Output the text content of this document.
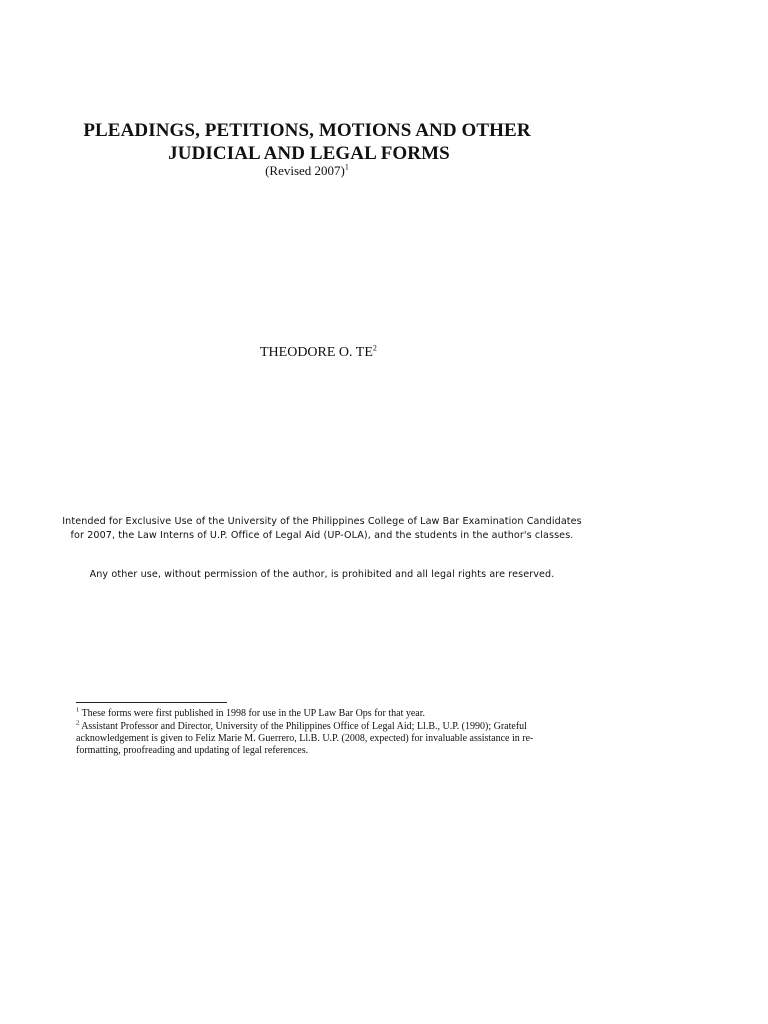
PLEADINGS, PETITIONS, MOTIONS AND OTHER
JUDICIAL AND LEGAL FORMS
(Revised 2007)$^1$
THEODORE O. $TE^2$
Intended for Exclusive Use of the University of the Philippines College of Law Bar Examination Candidates
for 2007, the Law Interns of U.P. Office of Legal Aid (UP-OLA), and the students in the author's classes.
Any other use, without permission of the author, is prohibited and all legal rights are reserved.
$^1$ These forms were first published in 1998 for use in the UP Law Bar Ops for that year.
$^2$ Assistant Professor and Director, University of the Philippines Office of Legal Aid; Ll.B., U.P. (1990); Grateful
acknowledgement is given to Feliz Marie M. Guerrero, Ll.B. U.P. (2008, expected) for invaluable assistance in re-
formatting, proofreading and updating of legal references.
